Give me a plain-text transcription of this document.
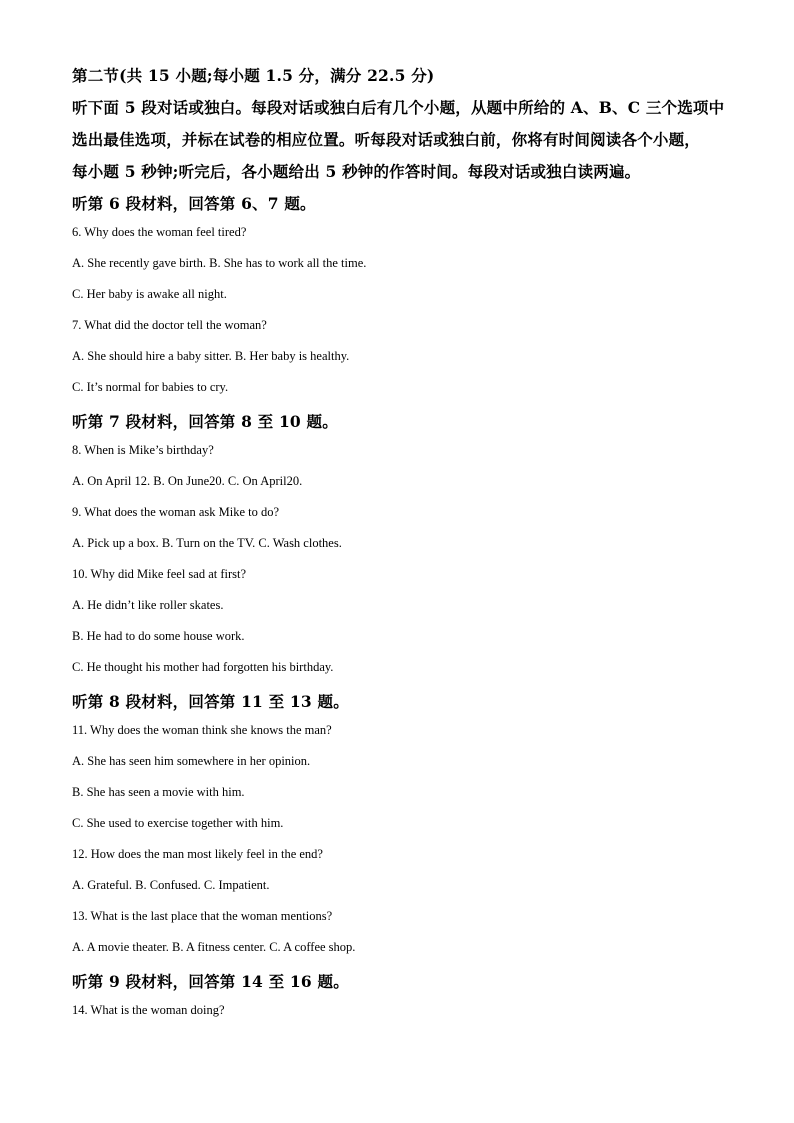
第二节(共 15 小题;每小题 1.5 分，满分 22.5 分)
听下面 5 段对话或独白。每段对话或独白后有几个小题，从题中所给的 A、B、C 三个选项中
选出最佳选项，并标在试卷的相应位置。听每段对话或独白前，你将有时间阅读各个小题，
每小题 5 秒钟;听完后，各小题给出 5 秒钟的作答时间。每段对话或独白读两遍。
听第 6 段材料，回答第 6、7 题。
6. Why does the woman feel tired?
A. She recently gave birth. B. She has to work all the time.
C. Her baby is awake all night.
7. What did the doctor tell the woman?
A. She should hire a baby sitter. B. Her baby is healthy.
C. It’s normal for babies to cry.
听第 7 段材料，回答第 8 至 10 题。
8. When is Mike’s birthday?
A. On April 12. B. On June20. C. On April20.
9. What does the woman ask Mike to do?
A. Pick up a box. B. Turn on the TV. C. Wash clothes.
10. Why did Mike feel sad at first?
A. He didn’t like roller skates.
B. He had to do some house work.
C. He thought his mother had forgotten his birthday.
听第 8 段材料，回答第 11 至 13 题。
11. Why does the woman think she knows the man?
A. She has seen him somewhere in her opinion.
B. She has seen a movie with him.
C. She used to exercise together with him.
12. How does the man most likely feel in the end?
A. Grateful. B. Confused. C. Impatient.
13. What is the last place that the woman mentions?
A. A movie theater. B. A fitness center. C. A coffee shop.
听第 9 段材料，回答第 14 至 16 题。
14. What is the woman doing?
